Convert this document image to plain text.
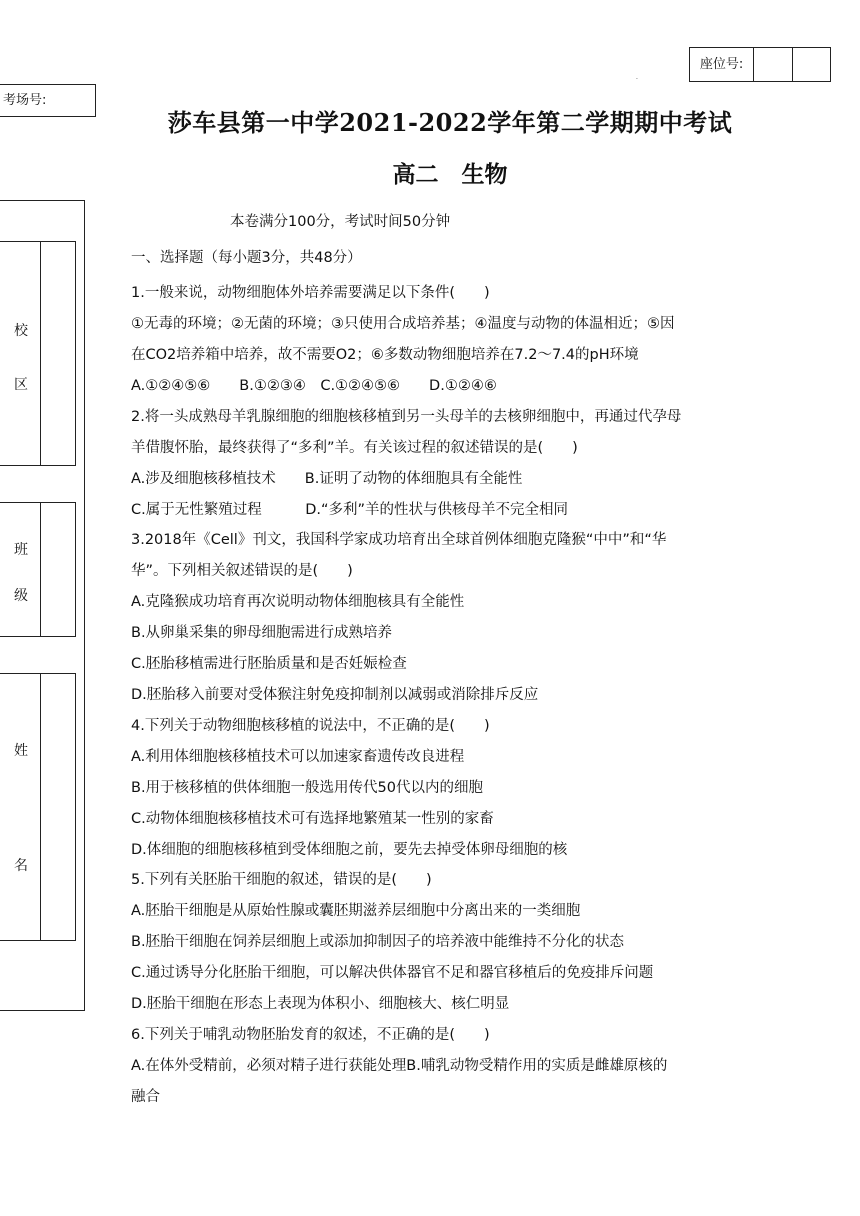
座位号:
.
考场号:
校
区
班
级
姓
名
莎车县第一中学2021-2022学年第二学期期中考试
高二　生物
本卷满分100分，考试时间50分钟
一、选择题（每小题3分，共48分）
1.一般来说，动物细胞体外培养需要满足以下条件(　　)
①无毒的环境；②无菌的环境；③只使用合成培养基；④温度与动物的体温相近；⑤因
在CO2培养箱中培养，故不需要O2；⑥多数动物细胞培养在7.2～7.4的pH环境
A.①②④⑤⑥　　B.①②③④　C.①②④⑤⑥　　D.①②④⑥
2.将一头成熟母羊乳腺细胞的细胞核移植到另一头母羊的去核卵细胞中，再通过代孕母
羊借腹怀胎，最终获得了“多利”羊。有关该过程的叙述错误的是(　　)
A.涉及细胞核移植技术　　B.证明了动物的体细胞具有全能性
C.属于无性繁殖过程　　　D.“多利”羊的性状与供核母羊不完全相同
3.2018年《Cell》刊文，我国科学家成功培育出全球首例体细胞克隆猴“中中”和“华
华”。下列相关叙述错误的是(　　)
A.克隆猴成功培育再次说明动物体细胞核具有全能性
B.从卵巢采集的卵母细胞需进行成熟培养
C.胚胎移植需进行胚胎质量和是否妊娠检查
D.胚胎移入前要对受体猴注射免疫抑制剂以减弱或消除排斥反应
4.下列关于动物细胞核移植的说法中，不正确的是(　　)
A.利用体细胞核移植技术可以加速家畜遗传改良进程
B.用于核移植的供体细胞一般选用传代50代以内的细胞
C.动物体细胞核移植技术可有选择地繁殖某一性别的家畜
D.体细胞的细胞核移植到受体细胞之前，要先去掉受体卵母细胞的核
5.下列有关胚胎干细胞的叙述，错误的是(　　)
A.胚胎干细胞是从原始性腺或囊胚期滋养层细胞中分离出来的一类细胞
B.胚胎干细胞在饲养层细胞上或添加抑制因子的培养液中能维持不分化的状态
C.通过诱导分化胚胎干细胞，可以解决供体器官不足和器官移植后的免疫排斥问题
D.胚胎干细胞在形态上表现为体积小、细胞核大、核仁明显
6.下列关于哺乳动物胚胎发育的叙述，不正确的是(　　)
A.在体外受精前，必须对精子进行获能处理B.哺乳动物受精作用的实质是雌雄原核的
融合
